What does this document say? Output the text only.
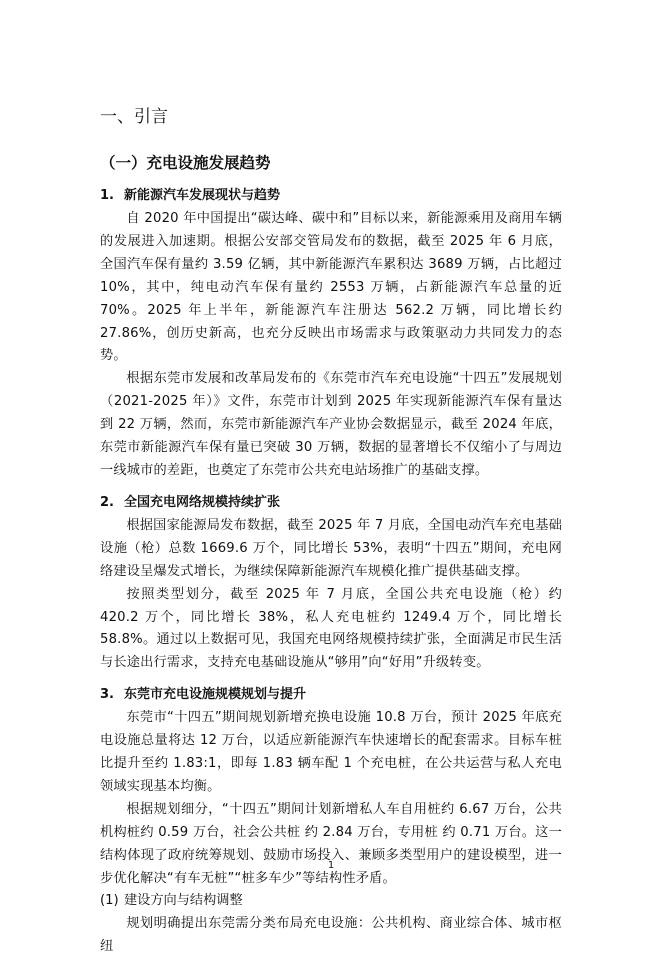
一、引言
（一）充电设施发展趋势
1. 新能源汽车发展现状与趋势

自 2020 年中国提出“碳达峰、碳中和”目标以来，新能源乘用及商用车辆的发展进入加速期。根据公安部交管局发布的数据，截至 2025 年 6 月底，全国汽车保有量约 3.59 亿辆，其中新能源汽车累积达 3689 万辆，占比超过 10%，其中，纯电动汽车保有量约 2553 万辆，占新能源汽车总量的近 70%。2025 年上半年，新能源汽车注册达 562.2 万辆，同比增长约 27.86%，创历史新高，也充分反映出市场需求与政策驱动力共同发力的态势。

根据东莞市发展和改革局发布的《东莞市汽车充电设施“十四五”发展规划（2021-2025 年）》文件，东莞市计划到 2025 年实现新能源汽车保有量达到 22 万辆，然而，东莞市新能源汽车产业协会数据显示，截至 2024 年底，东莞市新能源汽车保有量已突破 30 万辆，数据的显著增长不仅缩小了与周边一线城市的差距，也奠定了东莞市公共充电站场推广的基础支撑。

2. 全国充电网络规模持续扩张

根据国家能源局发布数据，截至 2025 年 7 月底，全国电动汽车充电基础设施（枪）总数 1669.6 万个，同比增长 53%，表明“十四五”期间，充电网络建设呈爆发式增长，为继续保障新能源汽车规模化推广提供基础支撑。

按照类型划分，截至 2025 年 7 月底，全国公共充电设施（枪）约 420.2 万个，同比增长 38%，私人充电桩约 1249.4 万个，同比增长 58.8%。通过以上数据可见，我国充电网络规模持续扩张，全面满足市民生活与长途出行需求，支持充电基础设施从“够用”向“好用”升级转变。

3. 东莞市充电设施规模规划与提升

东莞市“十四五”期间规划新增充换电设施 10.8 万台，预计 2025 年底充电设施总量将达 12 万台，以适应新能源汽车快速增长的配套需求。目标车桩比提升至约 1.83:1，即每 1.83 辆车配 1 个充电桩，在公共运营与私人充电领域实现基本均衡。

根据规划细分，“十四五”期间计划新增私人车自用桩约 6.67 万台，公共机构桩约 0.59 万台，社会公共桩 约 2.84 万台，专用桩 约 0.71 万台。这一结构体现了政府统筹规划、鼓励市场投入、兼顾多类型用户的建设模型，进一步优化解决“有车无桩”“桩多车少”等结构性矛盾。

(1) 建设方向与结构调整

规划明确提出东莞需分类布局充电设施：公共机构、商业综合体、城市枢纽

1
